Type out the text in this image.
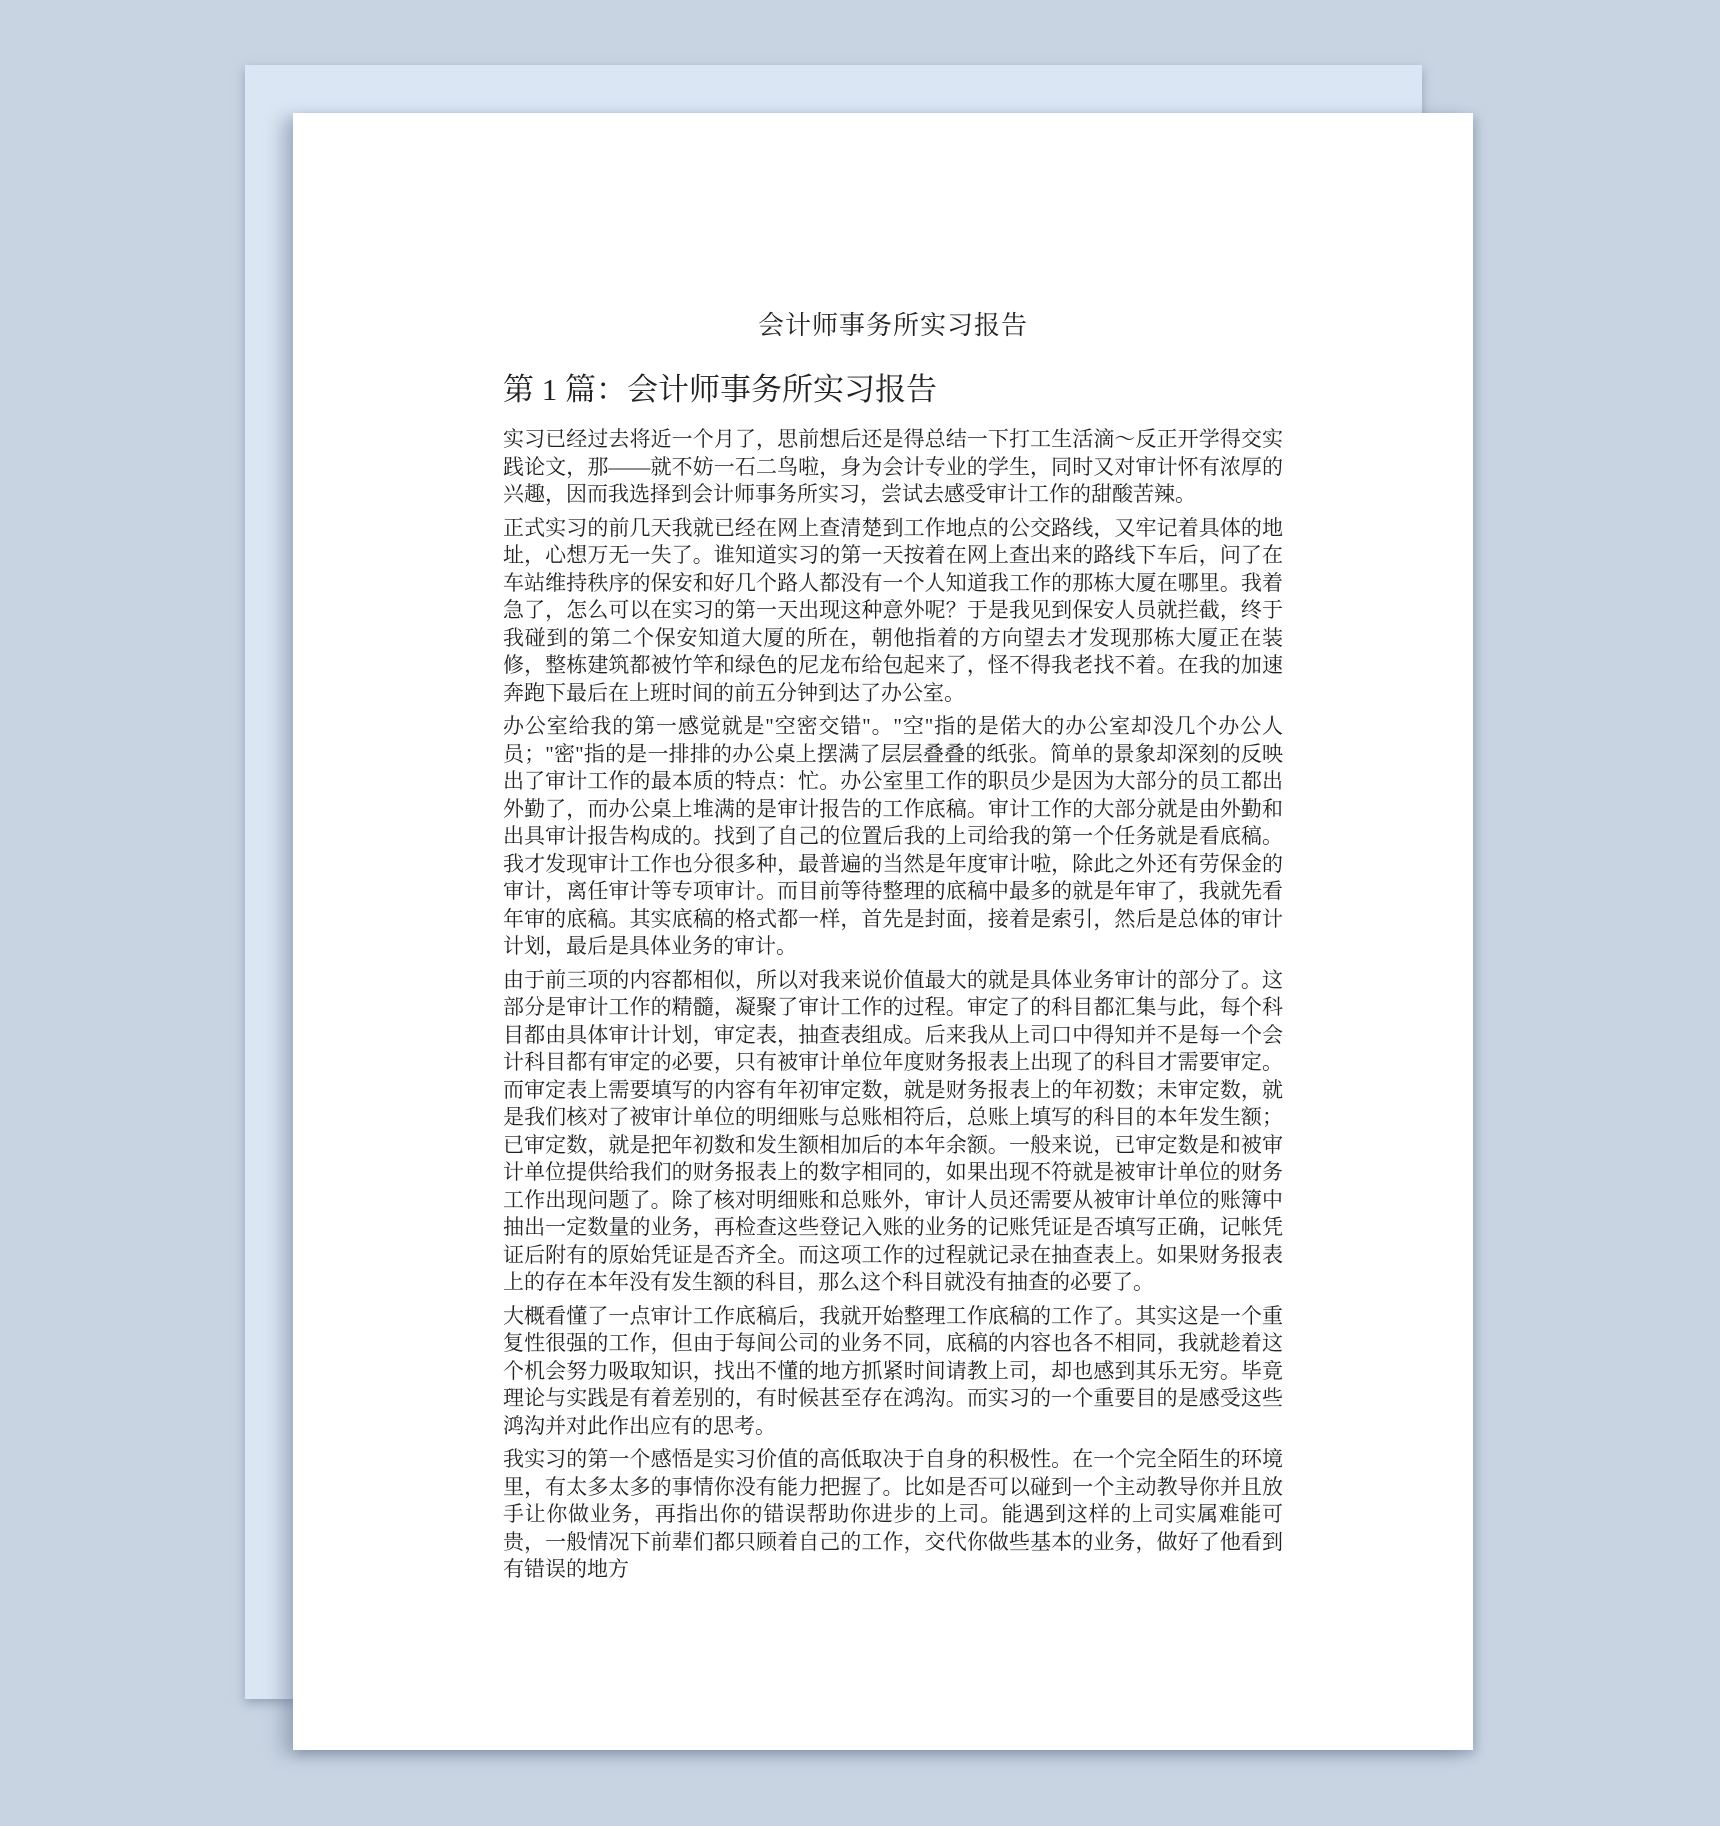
会计师事务所实习报告
第 1 篇：会计师事务所实习报告

实习已经过去将近一个月了，思前想后还是得总结一下打工生活滴～反正开学得交实践论文，那——就不妨一石二鸟啦，身为会计专业的学生，同时又对审计怀有浓厚的兴趣，因而我选择到会计师事务所实习，尝试去感受审计工作的甜酸苦辣。

正式实习的前几天我就已经在网上查清楚到工作地点的公交路线，又牢记着具体的地址，心想万无一失了。谁知道实习的第一天按着在网上查出来的路线下车后，问了在车站维持秩序的保安和好几个路人都没有一个人知道我工作的那栋大厦在哪里。我着急了，怎么可以在实习的第一天出现这种意外呢？于是我见到保安人员就拦截，终于我碰到的第二个保安知道大厦的所在，朝他指着的方向望去才发现那栋大厦正在装修，整栋建筑都被竹竿和绿色的尼龙布给包起来了，怪不得我老找不着。在我的加速奔跑下最后在上班时间的前五分钟到达了办公室。

办公室给我的第一感觉就是"空密交错"。"空"指的是偌大的办公室却没几个办公人员；"密"指的是一排排的办公桌上摆满了层层叠叠的纸张。简单的景象却深刻的反映出了审计工作的最本质的特点：忙。办公室里工作的职员少是因为大部分的员工都出外勤了，而办公桌上堆满的是审计报告的工作底稿。审计工作的大部分就是由外勤和出具审计报告构成的。找到了自己的位置后我的上司给我的第一个任务就是看底稿。我才发现审计工作也分很多种，最普遍的当然是年度审计啦，除此之外还有劳保金的审计，离任审计等专项审计。而目前等待整理的底稿中最多的就是年审了，我就先看年审的底稿。其实底稿的格式都一样，首先是封面，接着是索引，然后是总体的审计计划，最后是具体业务的审计。

由于前三项的内容都相似，所以对我来说价值最大的就是具体业务审计的部分了。这部分是审计工作的精髓，凝聚了审计工作的过程。审定了的科目都汇集与此，每个科目都由具体审计计划，审定表，抽查表组成。后来我从上司口中得知并不是每一个会计科目都有审定的必要，只有被审计单位年度财务报表上出现了的科目才需要审定。而审定表上需要填写的内容有年初审定数，就是财务报表上的年初数；未审定数，就是我们核对了被审计单位的明细账与总账相符后，总账上填写的科目的本年发生额；已审定数，就是把年初数和发生额相加后的本年余额。一般来说，已审定数是和被审计单位提供给我们的财务报表上的数字相同的，如果出现不符就是被审计单位的财务工作出现问题了。除了核对明细账和总账外，审计人员还需要从被审计单位的账簿中抽出一定数量的业务，再检查这些登记入账的业务的记账凭证是否填写正确，记帐凭证后附有的原始凭证是否齐全。而这项工作的过程就记录在抽查表上。如果财务报表上的存在本年没有发生额的科目，那么这个科目就没有抽查的必要了。

大概看懂了一点审计工作底稿后，我就开始整理工作底稿的工作了。其实这是一个重复性很强的工作，但由于每间公司的业务不同，底稿的内容也各不相同，我就趁着这个机会努力吸取知识，找出不懂的地方抓紧时间请教上司，却也感到其乐无穷。毕竟理论与实践是有着差别的，有时候甚至存在鸿沟。而实习的一个重要目的是感受这些鸿沟并对此作出应有的思考。

我实习的第一个感悟是实习价值的高低取决于自身的积极性。在一个完全陌生的环境里，有太多太多的事情你没有能力把握了。比如是否可以碰到一个主动教导你并且放手让你做业务，再指出你的错误帮助你进步的上司。能遇到这样的上司实属难能可贵，一般情况下前辈们都只顾着自己的工作，交代你做些基本的业务，做好了他看到有错误的地方
